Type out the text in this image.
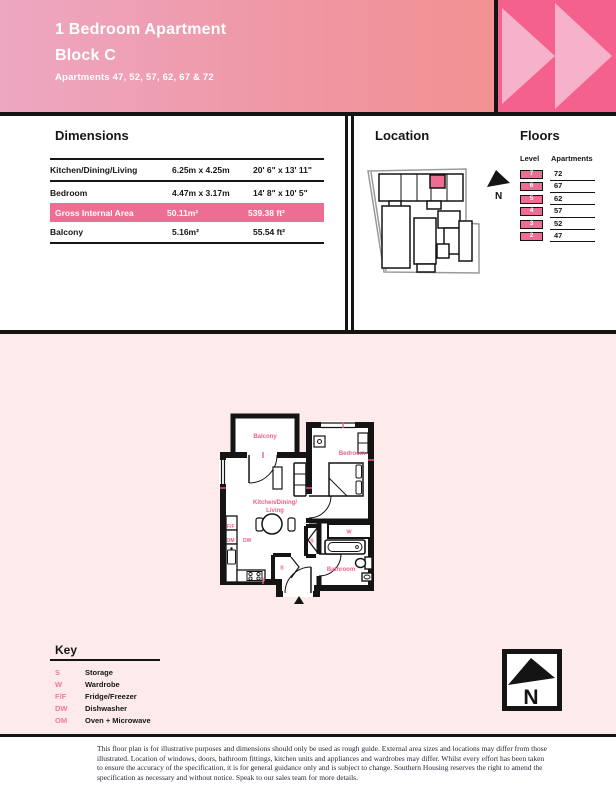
1 Bedroom Apartment
Block C
Apartments 47, 52, 57, 62, 67 & 72
Dimensions
Kitchen/Dining/Living	6.25m x 4.25m	20' 6" x 13' 11"
Bedroom	4.47m x 3.17m	14' 8" x 10' 5"
Gross Internal Area	50.11m²	539.38 ft²
Balcony	5.16m²	55.54 ft²
Location
N
Floors
Level	Apartments
7	72
6	67
5	62
4	57
3	52
2	47
Balcony
Bedroom
Kitchen/Dining/
Living
Bathroom
W
S
S
F/F
OM DW
Key
S	Storage
W	Wardrobe
F/F	Fridge/Freezer
DW	Dishwasher
OM	Oven + Microwave
N
This floor plan is for illustrative purposes and dimensions should only be used as rough guide. External area sizes and locations may differ from those illustrated. Location of windows, doors, bathroom fittings, kitchen units and appliances and wardrobes may differ. Whilst every effort has been taken to ensure the accuracy of the specification, it is for general guidance only and is subject to change. Southern Housing reserves the right to amend the specification as necessary and without notice. Speak to our sales team for more details.
